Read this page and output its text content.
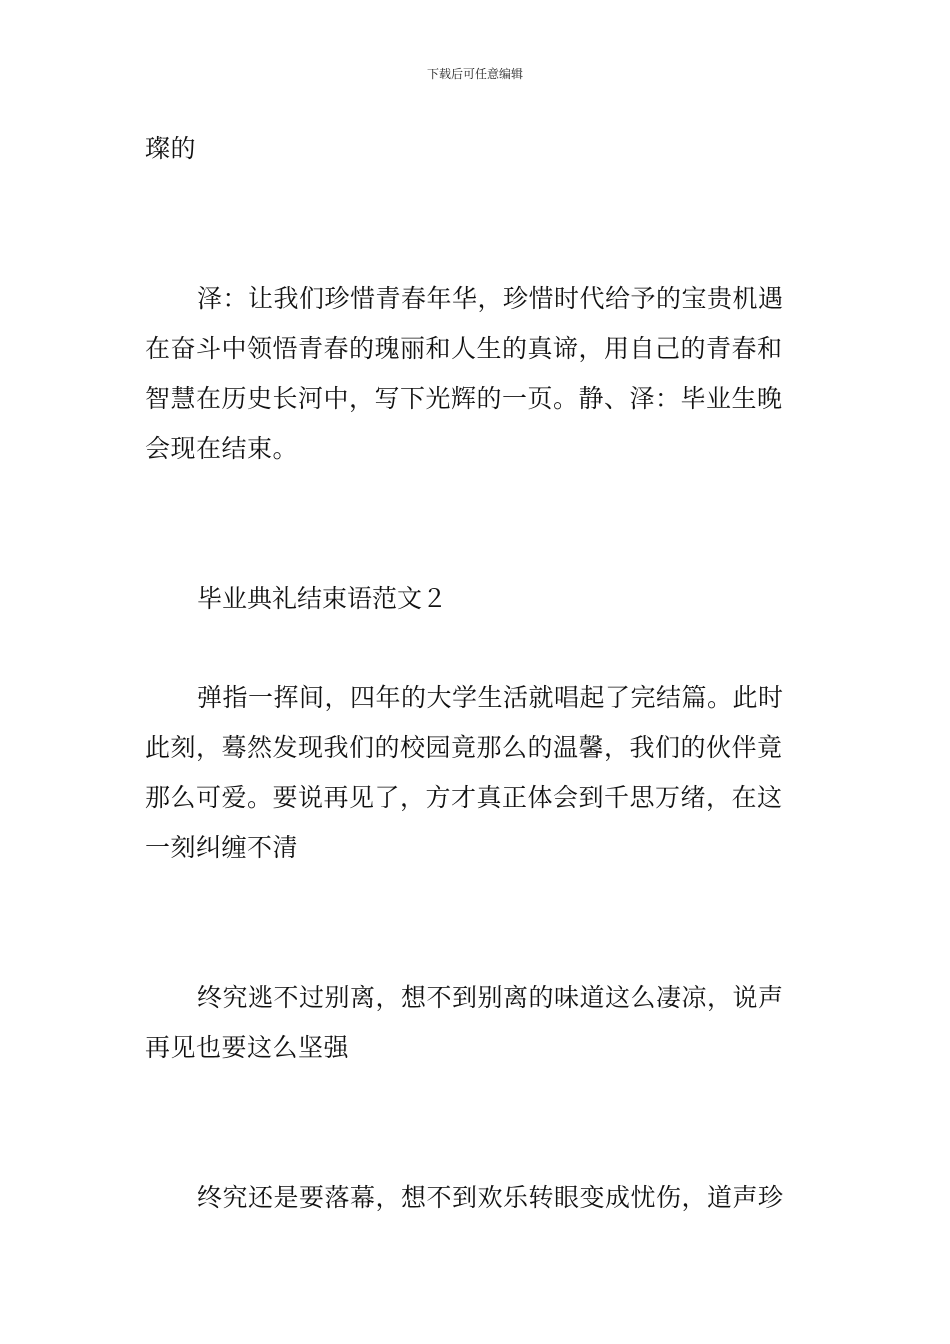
下载后可任意编辑

璨的

泽：让我们珍惜青春年华，珍惜时代给予的宝贵机遇
在奋斗中领悟青春的瑰丽和人生的真谛，用自己的青春和
智慧在历史长河中，写下光辉的一页。静、泽：毕业生晚
会现在结束。

毕业典礼结束语范文２

弹指一挥间，四年的大学生活就唱起了完结篇。此时
此刻，蓦然发现我们的校园竟那么的温馨，我们的伙伴竟
那么可爱。要说再见了，方才真正体会到千思万绪，在这
一刻纠缠不清

终究逃不过别离，想不到别离的味道这么凄凉，说声
再见也要这么坚强

终究还是要落幕，想不到欢乐转眼变成忧伤，道声珍
